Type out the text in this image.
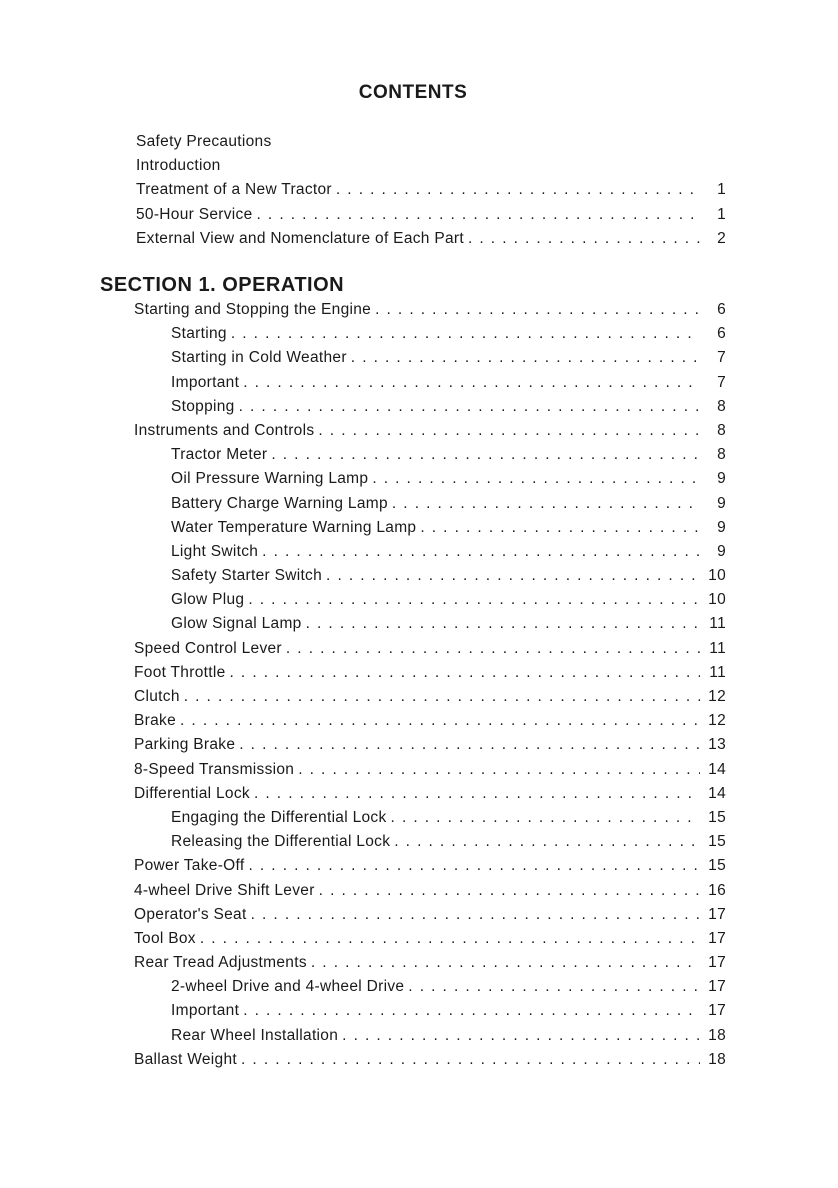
CONTENTS
Safety Precautions
Introduction
Treatment of a New Tractor . . .	1
50-Hour Service . . .	1
External View and Nomenclature of Each Part . . .	2
SECTION 1. OPERATION
Starting and Stopping the Engine . . .	6
Starting . . .	6
Starting in Cold Weather . . .	7
Important . . .	7
Stopping . . .	8
Instruments and Controls . . .	8
Tractor Meter . . .	8
Oil Pressure Warning Lamp . . .	9
Battery Charge Warning Lamp . . .	9
Water Temperature Warning Lamp . . .	9
Light Switch . . .	9
Safety Starter Switch . . .	10
Glow Plug . . .	10
Glow Signal Lamp . . .	11
Speed Control Lever . . .	11
Foot Throttle . . .	11
Clutch . . .	12
Brake . . .	12
Parking Brake . . .	13
8-Speed Transmission . . .	14
Differential Lock . . .	14
Engaging the Differential Lock . . .	15
Releasing the Differential Lock . . .	15
Power Take-Off . . .	15
4-wheel Drive Shift Lever . . .	16
Operator's Seat . . .	17
Tool Box . . .	17
Rear Tread Adjustments . . .	17
2-wheel Drive and 4-wheel Drive . . .	17
Important . . .	17
Rear Wheel Installation . . .	18
Ballast Weight . . .	18
